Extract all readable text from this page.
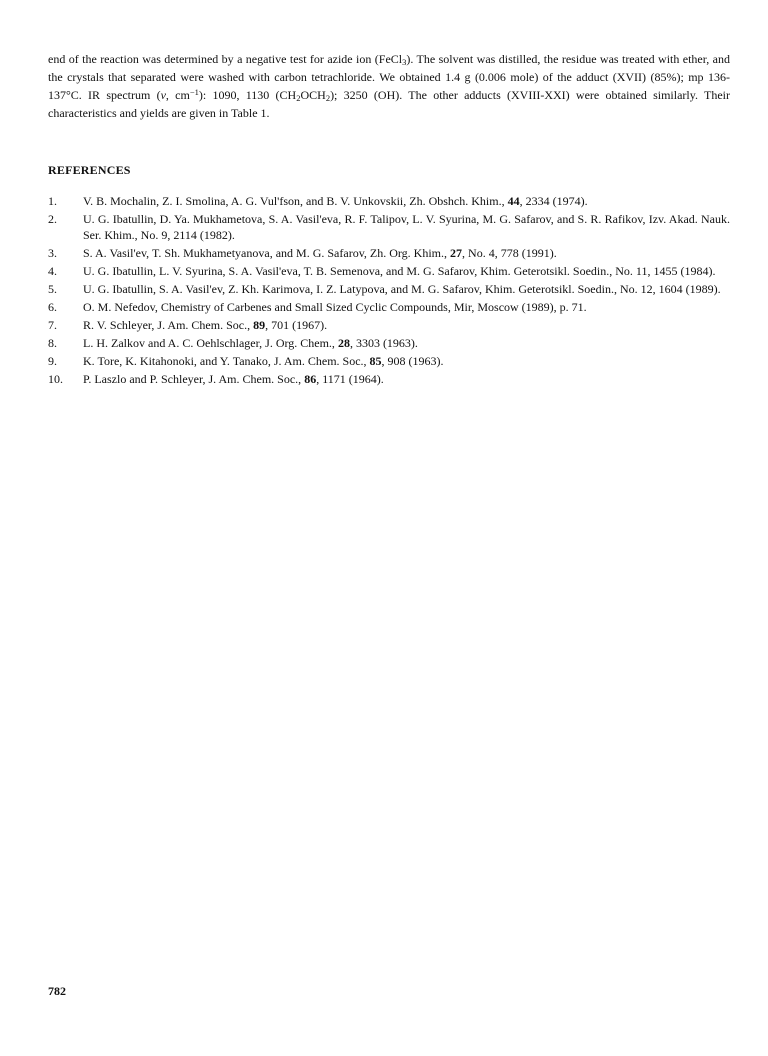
end of the reaction was determined by a negative test for azide ion (FeCl$_3$). The solvent was distilled, the residue was treated with ether, and the crystals that separated were washed with carbon tetrachloride. We obtained 1.4 g (0.006 mole) of the adduct (XVII) (85%); mp 136-137°C. IR spectrum (ν, $cm^{-1}$): 1090, 1130 $(CH_2OCH_2)$; 3250 (OH). The other adducts (XVIII-XXI) were obtained similarly. Their characteristics and yields are given in Table 1.

REFERENCES
1.	V. B. Mochalin, Z. I. Smolina, A. G. Vul'fson, and B. V. Unkovskii, Zh. Obshch. Khim., 44, 2334 (1974).
2.	U. G. Ibatullin, D. Ya. Mukhametova, S. A. Vasil'eva, R. F. Talipov, L. V. Syurina, M. G. Safarov, and S. R. Rafikov, Izv. Akad. Nauk. Ser. Khim., No. 9, 2114 (1982).
3.	S. A. Vasil'ev, T. Sh. Mukhametyanova, and M. G. Safarov, Zh. Org. Khim., 27, No. 4, 778 (1991).
4.	U. G. Ibatullin, L. V. Syurina, S. A. Vasil'eva, T. B. Semenova, and M. G. Safarov, Khim. Geterotsikl. Soedin., No. 11, 1455 (1984).
5.	U. G. Ibatullin, S. A. Vasil'ev, Z. Kh. Karimova, I. Z. Latypova, and M. G. Safarov, Khim. Geterotsikl. Soedin., No. 12, 1604 (1989).
6.	O. M. Nefedov, Chemistry of Carbenes and Small Sized Cyclic Compounds, Mir, Moscow (1989), p. 71.
7.	R. V. Schleyer, J. Am. Chem. Soc., 89, 701 (1967).
8.	L. H. Zalkov and A. C. Oehlschlager, J. Org. Chem., 28, 3303 (1963).
9.	K. Tore, K. Kitahonoki, and Y. Tanako, J. Am. Chem. Soc., 85, 908 (1963).
10.	P. Laszlo and P. Schleyer, J. Am. Chem. Soc., 86, 1171 (1964).

782
